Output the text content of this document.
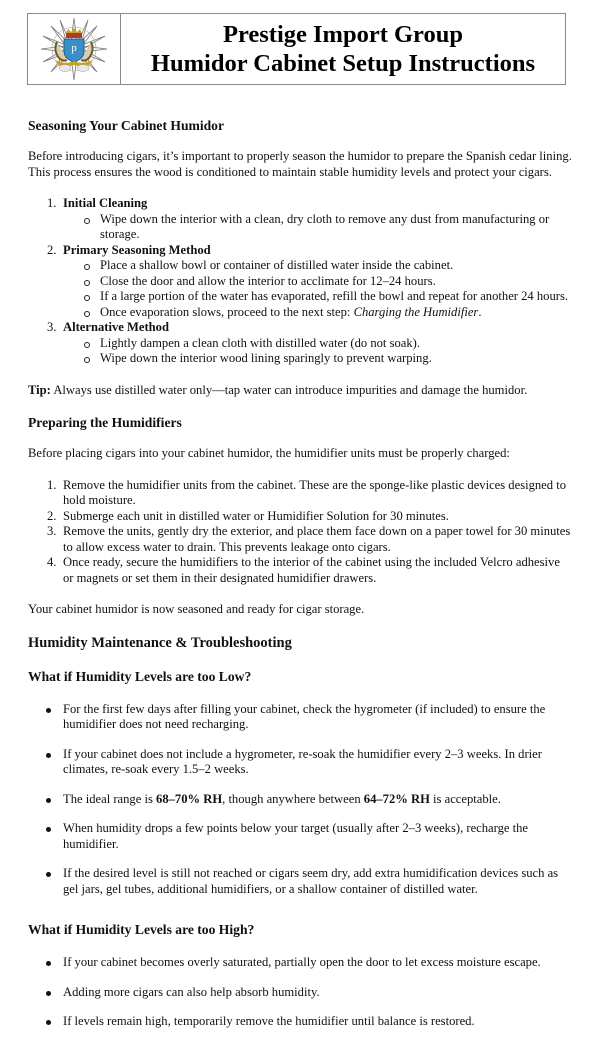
p	Prestige Import Group
Humidor Cabinet Setup Instructions
Seasoning Your Cabinet Humidor

Before introducing cigars, it’s important to properly season the humidor to prepare the Spanish cedar lining. This process ensures the wood is conditioned to maintain stable humidity levels and protect your cigars.

1. Initial Cleaning
Wipe down the interior with a clean, dry cloth to remove any dust from manufacturing or storage.
2. Primary Seasoning Method
Place a shallow bowl or container of distilled water inside the cabinet.
Close the door and allow the interior to acclimate for 12–24 hours.
If a large portion of the water has evaporated, refill the bowl and repeat for another 24 hours.
Once evaporation slows, proceed to the next step: Charging the Humidifier.
3. Alternative Method
Lightly dampen a clean cloth with distilled water (do not soak).
Wipe down the interior wood lining sparingly to prevent warping.

Tip: Always use distilled water only—tap water can introduce impurities and damage the humidor.

Preparing the Humidifiers

Before placing cigars into your cabinet humidor, the humidifier units must be properly charged:

1. Remove the humidifier units from the cabinet. These are the sponge-like plastic devices designed to hold moisture.
2. Submerge each unit in distilled water or Humidifier Solution for 30 minutes.
3. Remove the units, gently dry the exterior, and place them face down on a paper towel for 30 minutes to allow excess water to drain. This prevents leakage onto cigars.
4. Once ready, secure the humidifiers to the interior of the cabinet using the included Velcro adhesive or magnets or set them in their designated humidifier drawers.

Your cabinet humidor is now seasoned and ready for cigar storage.

Humidity Maintenance & Troubleshooting
What if Humidity Levels are too Low?
For the first few days after filling your cabinet, check the hygrometer (if included) to ensure the humidifier does not need recharging.
If your cabinet does not include a hygrometer, re-soak the humidifier every 2–3 weeks. In drier climates, re-soak every 1.5–2 weeks.
The ideal range is 68–70% RH, though anywhere between 64–72% RH is acceptable.
When humidity drops a few points below your target (usually after 2–3 weeks), recharge the humidifier.
If the desired level is still not reached or cigars seem dry, add extra humidification devices such as gel jars, gel tubes, additional humidifiers, or a shallow container of distilled water.
What if Humidity Levels are too High?
If your cabinet becomes overly saturated, partially open the door to let excess moisture escape.
Adding more cigars can also help absorb humidity.
If levels remain high, temporarily remove the humidifier until balance is restored.
